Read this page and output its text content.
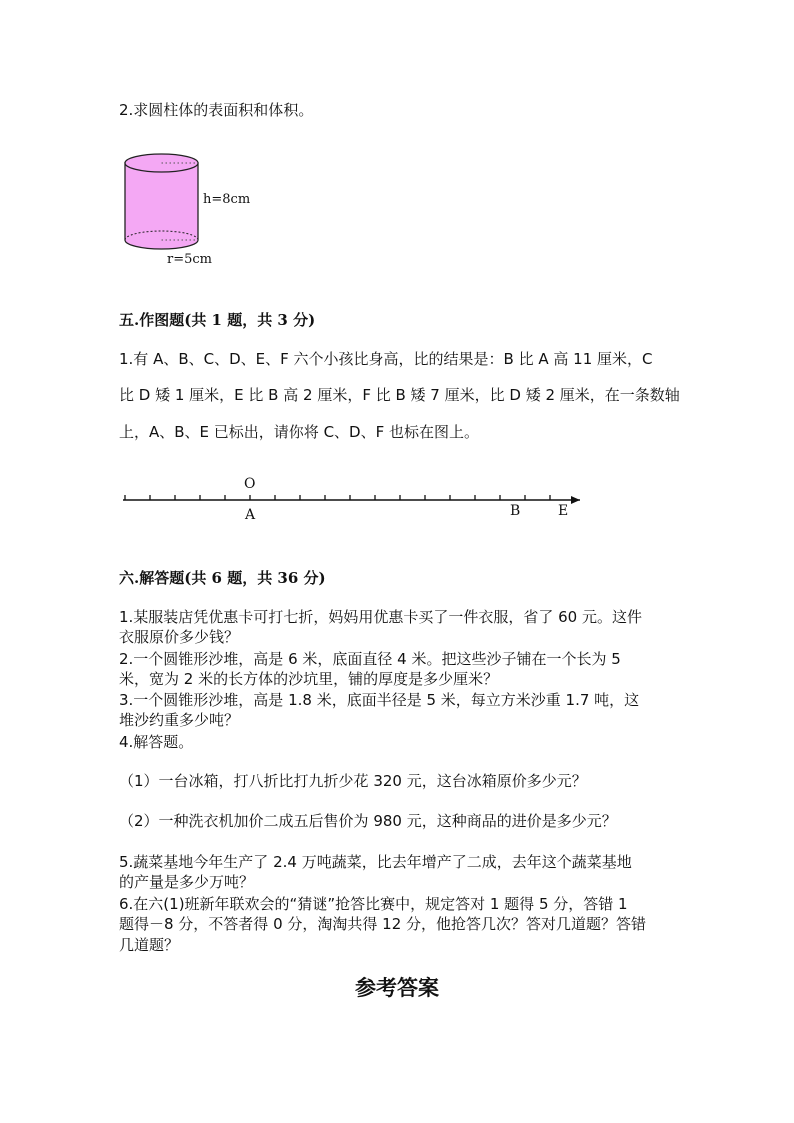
2.求圆柱体的表面积和体积。
h=8cm
r=5cm
五.作图题(共 1 题，共 3 分)
1.有 A、B、C、D、E、F 六个小孩比身高，比的结果是：B 比 A 高 11 厘米，C
比 D 矮 1 厘米，E 比 B 高 2 厘米，F 比 B 矮 7 厘米，比 D 矮 2 厘米，在一条数轴
上，A、B、E 已标出，请你将 C、D、F 也标在图上。
O
A	B	E
六.解答题(共 6 题，共 36 分)
1.某服装店凭优惠卡可打七折，妈妈用优惠卡买了一件衣服，省了 60 元。这件
衣服原价多少钱？
2.一个圆锥形沙堆，高是 6 米，底面直径 4 米。把这些沙子铺在一个长为 5
米，宽为 2 米的长方体的沙坑里，铺的厚度是多少厘米？
3.一个圆锥形沙堆，高是 1.8 米，底面半径是 5 米，每立方米沙重 1.7 吨，这
堆沙约重多少吨？
4.解答题。
（1）一台冰箱，打八折比打九折少花 320 元，这台冰箱原价多少元？
（2）一种洗衣机加价二成五后售价为 980 元，这种商品的进价是多少元？
5.蔬菜基地今年生产了 2.4 万吨蔬菜，比去年增产了二成，去年这个蔬菜基地
的产量是多少万吨？
6.在六(1)班新年联欢会的“猜谜”抢答比赛中，规定答对 1 题得 5 分，答错 1
题得－8 分，不答者得 0 分，淘淘共得 12 分，他抢答几次？答对几道题？答错
几道题？
参考答案
